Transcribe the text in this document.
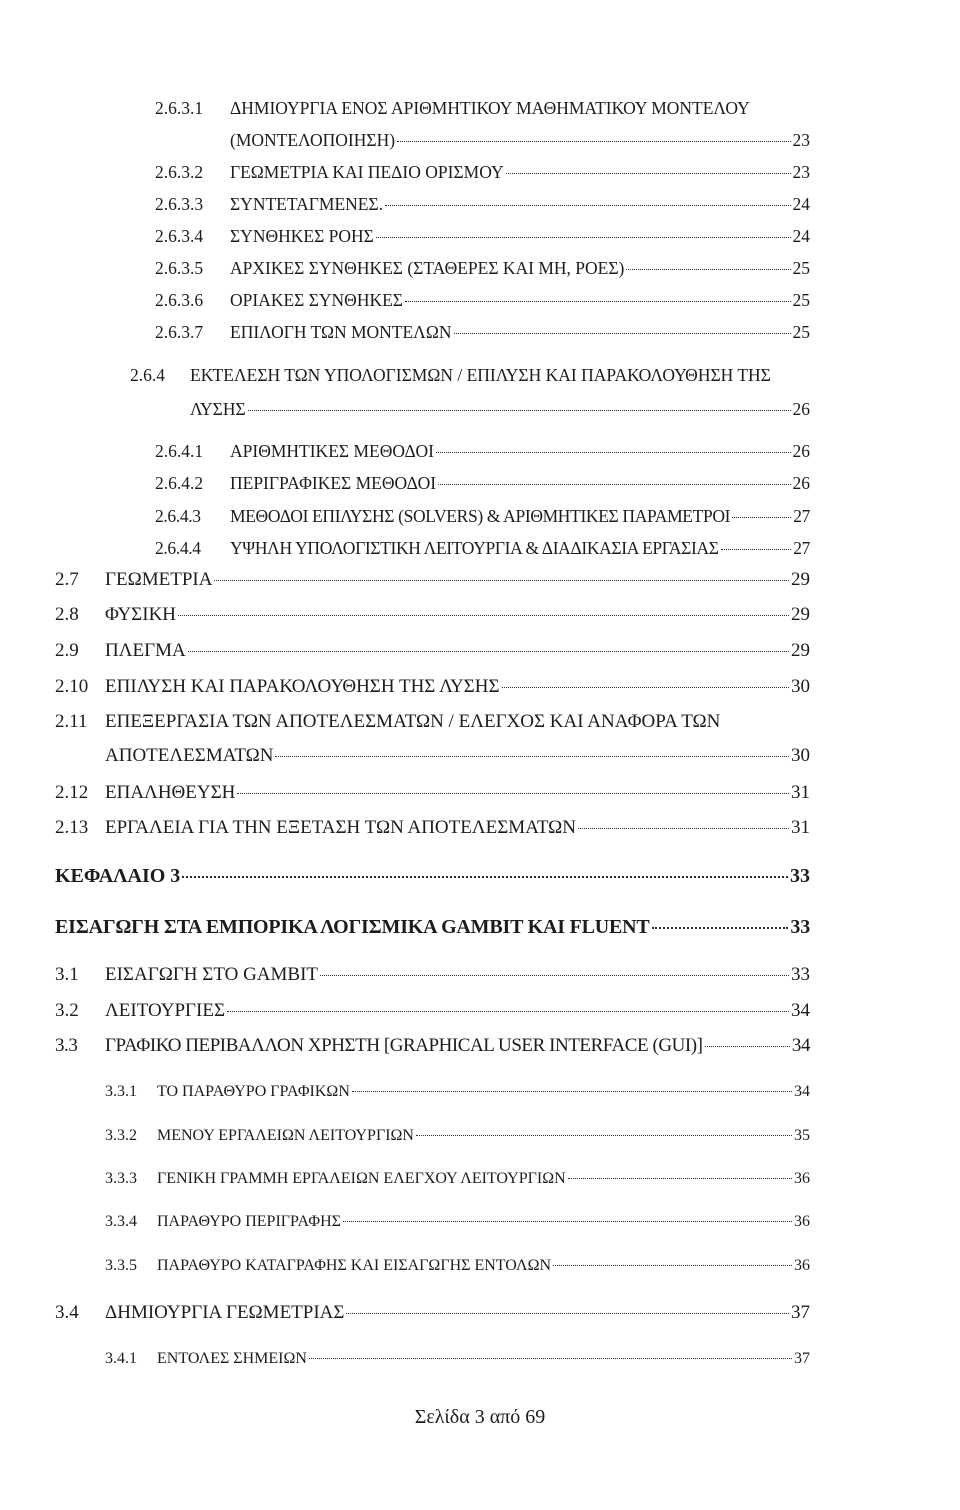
2.6.3.1	ΔΗΜΙΟΥΡΓΙΑ ΕΝΟΣ ΑΡΙΘΜΗΤΙΚΟΥ ΜΑΘΗΜΑΤΙΚΟΥ ΜΟΝΤΕΛΟΥ
(ΜΟΝΤΕΛΟΠΟΙΗΣΗ)	23
2.6.3.2	ΓΕΩΜΕΤΡΙΑ ΚΑΙ ΠΕΔΙΟ ΟΡΙΣΜΟΥ	23
2.6.3.3	ΣΥΝΤΕΤΑΓΜΕΝΕΣ.	24
2.6.3.4	ΣΥΝΘΗΚΕΣ ΡΟΗΣ	24
2.6.3.5	ΑΡΧΙΚΕΣ ΣΥΝΘΗΚΕΣ (ΣΤΑΘΕΡΕΣ ΚΑΙ ΜΗ, ΡΟΕΣ)	25
2.6.3.6	ΟΡΙΑΚΕΣ ΣΥΝΘΗΚΕΣ	25
2.6.3.7	ΕΠΙΛΟΓΗ ΤΩΝ ΜΟΝΤΕΛΩΝ	25
2.6.4	ΕΚΤΕΛΕΣΗ ΤΩΝ ΥΠΟΛΟΓΙΣΜΩΝ / ΕΠΙΛΥΣΗ ΚΑΙ ΠΑΡΑΚΟΛΟΥΘΗΣΗ ΤΗΣ
ΛΥΣΗΣ	26
2.6.4.1	ΑΡΙΘΜΗΤΙΚΕΣ ΜΕΘΟΔΟΙ	26
2.6.4.2	ΠΕΡΙΓΡΑΦΙΚΕΣ ΜΕΘΟΔΟΙ	26
2.6.4.3	ΜΕΘΟΔΟΙ ΕΠΙΛΥΣΗΣ (SOLVERS) & ΑΡΙΘΜΗΤΙΚΕΣ ΠΑΡΑΜΕΤΡΟΙ	27
2.6.4.4	ΥΨΗΛΗ ΥΠΟΛΟΓΙΣΤΙΚΗ ΛΕΙΤΟΥΡΓΙΑ & ΔΙΑΔΙΚΑΣΙΑ ΕΡΓΑΣΙΑΣ	27
2.7	ΓΕΩΜΕΤΡΙΑ	29
2.8	ΦΥΣΙΚΗ	29
2.9	ΠΛΕΓΜΑ	29
2.10 ΕΠΙΛΥΣΗ ΚΑΙ ΠΑΡΑΚΟΛΟΥΘΗΣΗ ΤΗΣ ΛΥΣΗΣ	30
2.11 ΕΠΕΞΕΡΓΑΣΙΑ ΤΩΝ ΑΠΟΤΕΛΕΣΜΑΤΩΝ / ΕΛΕΓΧΟΣ ΚΑΙ ΑΝΑΦΟΡΑ ΤΩΝ
ΑΠΟΤΕΛΕΣΜΑΤΩΝ	30
2.12 ΕΠΑΛΗΘΕΥΣΗ	31
2.13 ΕΡΓΑΛΕΙΑ ΓΙΑ ΤΗΝ ΕΞΕΤΑΣΗ ΤΩΝ ΑΠΟΤΕΛΕΣΜΑΤΩΝ	31
ΚΕΦΑΛΑΙΟ 3	33
ΕΙΣΑΓΩΓΗ ΣΤΑ ΕΜΠΟΡΙΚΑ ΛΟΓΙΣΜΙΚΑ GAMBIT ΚΑΙ FLUENT	33
3.1	ΕΙΣΑΓΩΓΗ ΣΤΟ GAMBIT	33
3.2	ΛΕΙΤΟΥΡΓΙΕΣ	34
3.3	ΓΡΑΦΙΚΟ ΠΕΡΙΒΑΛΛΟΝ ΧΡΗΣΤΗ [GRAPHICAL USER INTERFACE (GUI)]	34
3.3.1	ΤΟ ΠΑΡΑΘΥΡΟ ΓΡΑΦΙΚΩΝ	34
3.3.2	ΜΕΝΟΥ ΕΡΓΑΛΕΙΩΝ ΛΕΙΤΟΥΡΓΙΩΝ	35
3.3.3	ΓΕΝΙΚΗ ΓΡΑΜΜΗ ΕΡΓΑΛΕΙΩΝ ΕΛΕΓΧΟΥ ΛΕΙΤΟΥΡΓΙΩΝ	36
3.3.4	ΠΑΡΑΘΥΡΟ ΠΕΡΙΓΡΑΦΗΣ	36
3.3.5	ΠΑΡΑΘΥΡΟ ΚΑΤΑΓΡΑΦΗΣ ΚΑΙ ΕΙΣΑΓΩΓΗΣ ΕΝΤΟΛΩΝ	36
3.4	ΔΗΜΙΟΥΡΓΙΑ ΓΕΩΜΕΤΡΙΑΣ	37
3.4.1	ΕΝΤΟΛΕΣ ΣΗΜΕΙΩΝ	37
Σελίδα 3 από 69
